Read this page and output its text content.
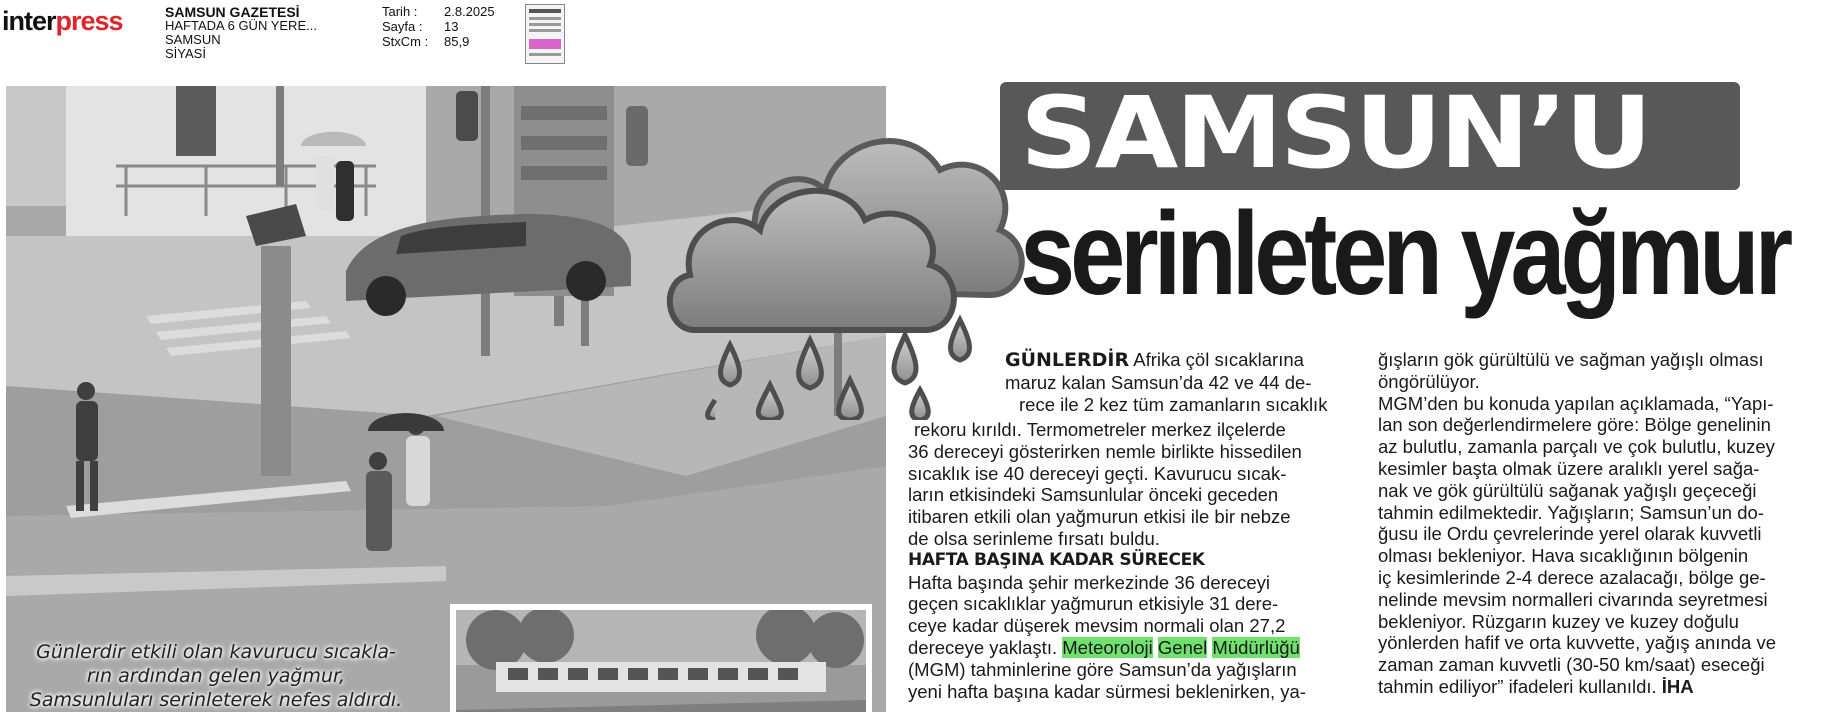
interpress	SAMSUN GAZETESİ
HAFTADA 6 GÜN YERE...
SAMSUN
SİYASİ
Tarih :	2.8.2025
Sayfa :	13
StxCm :	85,9
Günlerdir etkili olan kavurucu sıcakla-
rın ardından gelen yağmur,
Samsunluları serinleterek nefes aldırdı.
SAMSUN’U
serinleten yağmur
GÜNLERDİR Afrika çöl sıcaklarına
maruz kalan Samsun’da 42 ve 44 de-
rece ile 2 kez tüm zamanların sıcaklık
rekoru kırıldı. Termometreler merkez ilçelerde
36 dereceyi gösterirken nemle birlikte hissedilen
sıcaklık ise 40 dereceyi geçti. Kavurucu sıcak-
ların etkisindeki Samsunlular önceki geceden
itibaren etkili olan yağmurun etkisi ile bir nebze
de olsa serinleme fırsatı buldu.
HAFTA BAŞINA KADAR SÜRECEK
Hafta başında şehir merkezinde 36 dereceyi
geçen sıcaklıklar yağmurun etkisiyle 31 dere-
ceye kadar düşerek mevsim normali olan 27,2
dereceye yaklaştı. Meteoroloji Genel Müdürlüğü
(MGM) tahminlerine göre Samsun’da yağışların
yeni hafta başına kadar sürmesi beklenirken, ya-
ğışların gök gürültülü ve sağman yağışlı olması
öngörülüyor.
MGM’den bu konuda yapılan açıklamada, “Yapı-
lan son değerlendirmelere göre: Bölge genelinin
az bulutlu, zamanla parçalı ve çok bulutlu, kuzey
kesimler başta olmak üzere aralıklı yerel sağa-
nak ve gök gürültülü sağanak yağışlı geçeceği
tahmin edilmektedir. Yağışların; Samsun’un do-
ğusu ile Ordu çevrelerinde yerel olarak kuvvetli
olması bekleniyor. Hava sıcaklığının bölgenin
iç kesimlerinde 2-4 derece azalacağı, bölge ge-
nelinde mevsim normalleri civarında seyretmesi
bekleniyor. Rüzgarın kuzey ve kuzey doğulu
yönlerden hafif ve orta kuvvette, yağış anında ve
zaman zaman kuvvetli (30-50 km/saat) eseceği
tahmin ediliyor” ifadeleri kullanıldı. İHA
